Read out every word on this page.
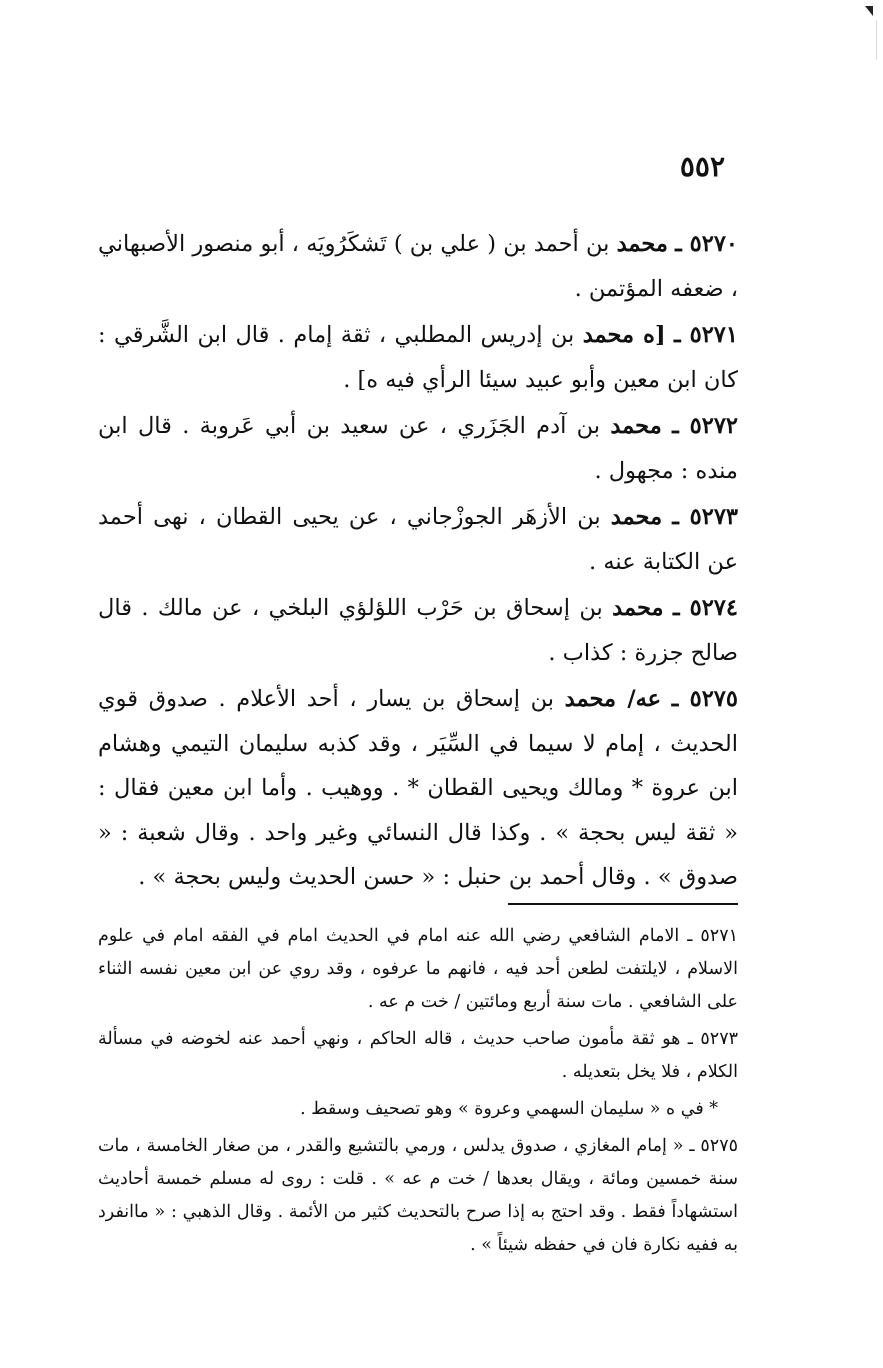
٥٥٢

٥٢٧٠ ـ محمد بن أحمد بن ( علي بن ) تَشكَرُويَه ، أبو منصور الأصبهاني ، ضعفه المؤتمن .

٥٢٧١ ـ [ه محمد بن إدريس المطلبي ، ثقة إمام . قال ابن الشَّرقي : كان ابن معين وأبو عبيد سيئا الرأي فيه ه] .

٥٢٧٢ ـ محمد بن آدم الجَزَري ، عن سعيد بن أبي عَروبة . قال ابن منده : مجهول .

٥٢٧٣ ـ محمد بن الأزهَر الجوزْجاني ، عن يحيى القطان ، نهى أحمد عن الكتابة عنه .

٥٢٧٤ ـ محمد بن إسحاق بن حَرْب اللؤلؤي البلخي ، عن مالك . قال صالح جزرة : كذاب .

٥٢٧٥ ـ عه/ محمد بن إسحاق بن يسار ، أحد الأعلام . صدوق قوي الحديث ، إمام لا سيما في السِّيَر ، وقد كذبه سليمان التيمي وهشام ابن عروة * ومالك ويحيى القطان * . ووهيب . وأما ابن معين فقال : « ثقة ليس بحجة » . وكذا قال النسائي وغير واحد . وقال شعبة : « صدوق » . وقال أحمد بن حنبل : « حسن الحديث وليس بحجة » .

٥٢٧١ ـ الامام الشافعي رضي الله عنه امام في الحديث امام في الفقه امام في علوم الاسلام ، لايلتفت لطعن أحد فيه ، فانهم ما عرفوه ، وقد روي عن ابن معين نفسه الثناء على الشافعي . مات سنة أربع ومائتين / خت م عه .

٥٢٧٣ ـ هو ثقة مأمون صاحب حديث ، قاله الحاكم ، ونهي أحمد عنه لخوضه في مسألة الكلام ، فلا يخل بتعديله .

* في ه « سليمان السهمي وعروة » وهو تصحيف وسقط .

٥٢٧٥ ـ « إمام المغازي ، صدوق يدلس ، ورمي بالتشيع والقدر ، من صغار الخامسة ، مات سنة خمسين ومائة ، ويقال بعدها / خت م عه » . قلت : روى له مسلم خمسة أحاديث استشهاداً فقط . وقد احتج به إذا صرح بالتحديث كثير من الأئمة . وقال الذهبي : « ماانفرد به ففيه نكارة فان في حفظه شيئاً » .
